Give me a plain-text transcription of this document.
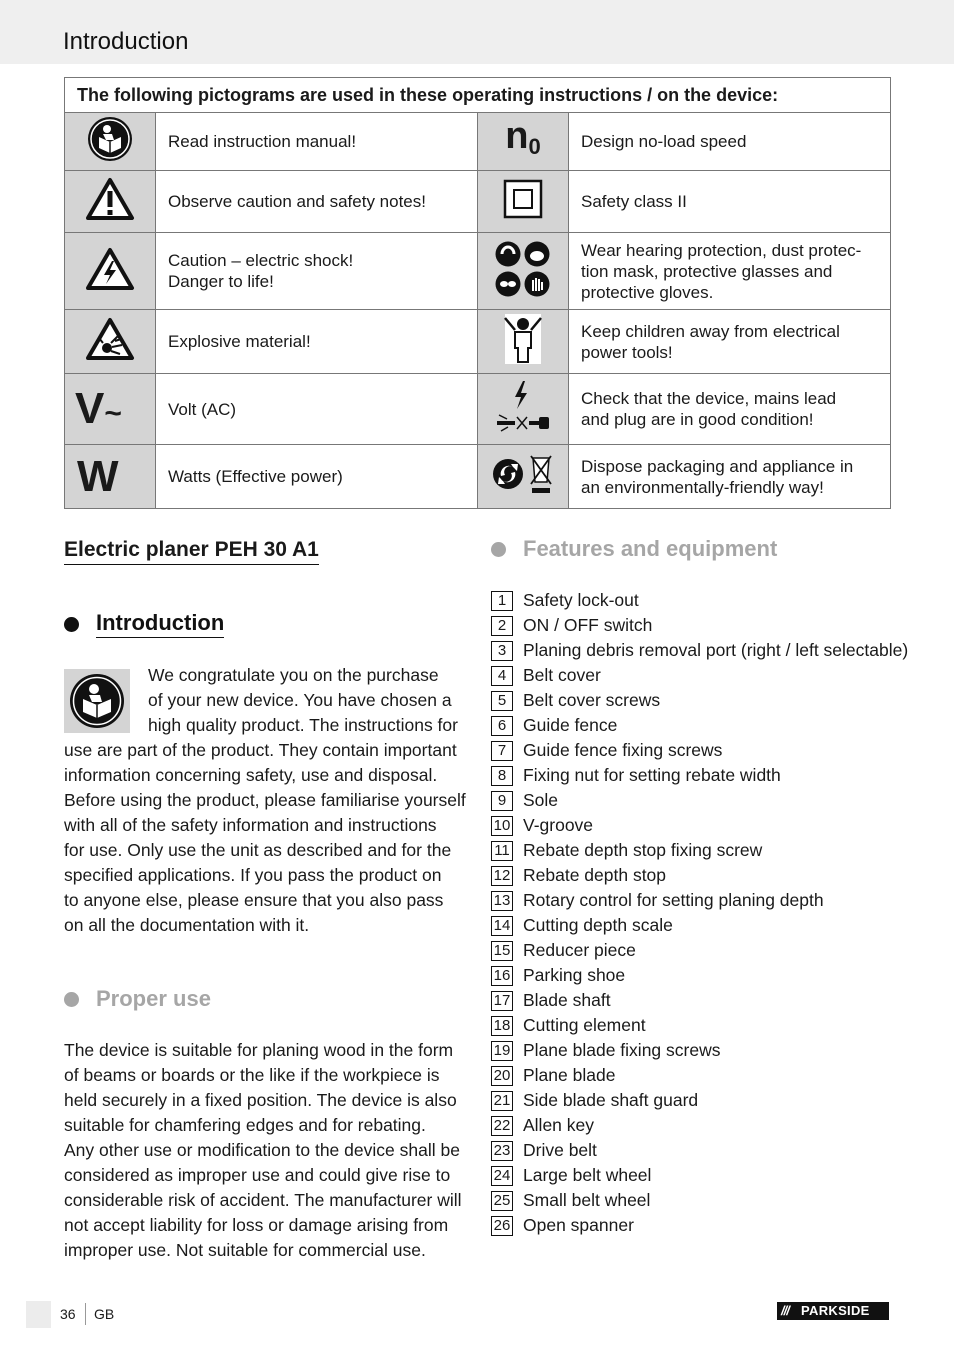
Introduction
The following pictograms are used in these operating instructions / on the device:			

Read instruction manual!	n0	Design no-load speed

Observe caution and safety notes!		Safety class II

Caution – electric shock!
Danger to life!		Wear hearing protection, dust protec-
tion mask, protective glasses and
protective gloves.

Explosive material!		Keep children away from electrical
power tools!

V~	Volt (AC)		Check that the device, mains lead
and plug are in good condition!

W	Watts (Effective power)		Dispose packaging and appliance in
an environmentally-friendly way!
Electric planer PEH 30 A1
Introduction

We congratulate you on the purchase

of your new device. You have chosen a

high quality product. The instructions for

use are part of the product. They contain important

information concerning safety, use and disposal.

Before using the product, please familiarise yourself

with all of the safety information and instructions

for use. Only use the unit as described and for the

specified applications. If you pass the product on

to anyone else, please ensure that you also pass

on all the documentation with it.

Proper use

The device is suitable for planing wood in the form

of beams or boards or the like if the workpiece is

held securely in a fixed position. The device is also

suitable for chamfering edges and for rebating.

Any other use or modification to the device shall be

considered as improper use and could give rise to

considerable risk of accident. The manufacturer will

not accept liability for loss or damage arising from

improper use. Not suitable for commercial use.

Features and equipment
1 Safety lock-out
2 ON / OFF switch
3 Planing debris removal port (right / left selectable)
4 Belt cover
5 Belt cover screws
6 Guide fence
7 Guide fence fixing screws
8 Fixing nut for setting rebate width
9 Sole
10 V-groove
11 Rebate depth stop fixing screw
12 Rebate depth stop
13 Rotary control for setting planing depth
14 Cutting depth scale
15 Reducer piece
16 Parking shoe
17 Blade shaft
18 Cutting element
19 Plane blade fixing screws
20 Plane blade
21 Side blade shaft guard
22 Allen key
23 Drive belt
24 Large belt wheel
25 Small belt wheel
26 Open spanner
36 GB	/// PARKSIDE
